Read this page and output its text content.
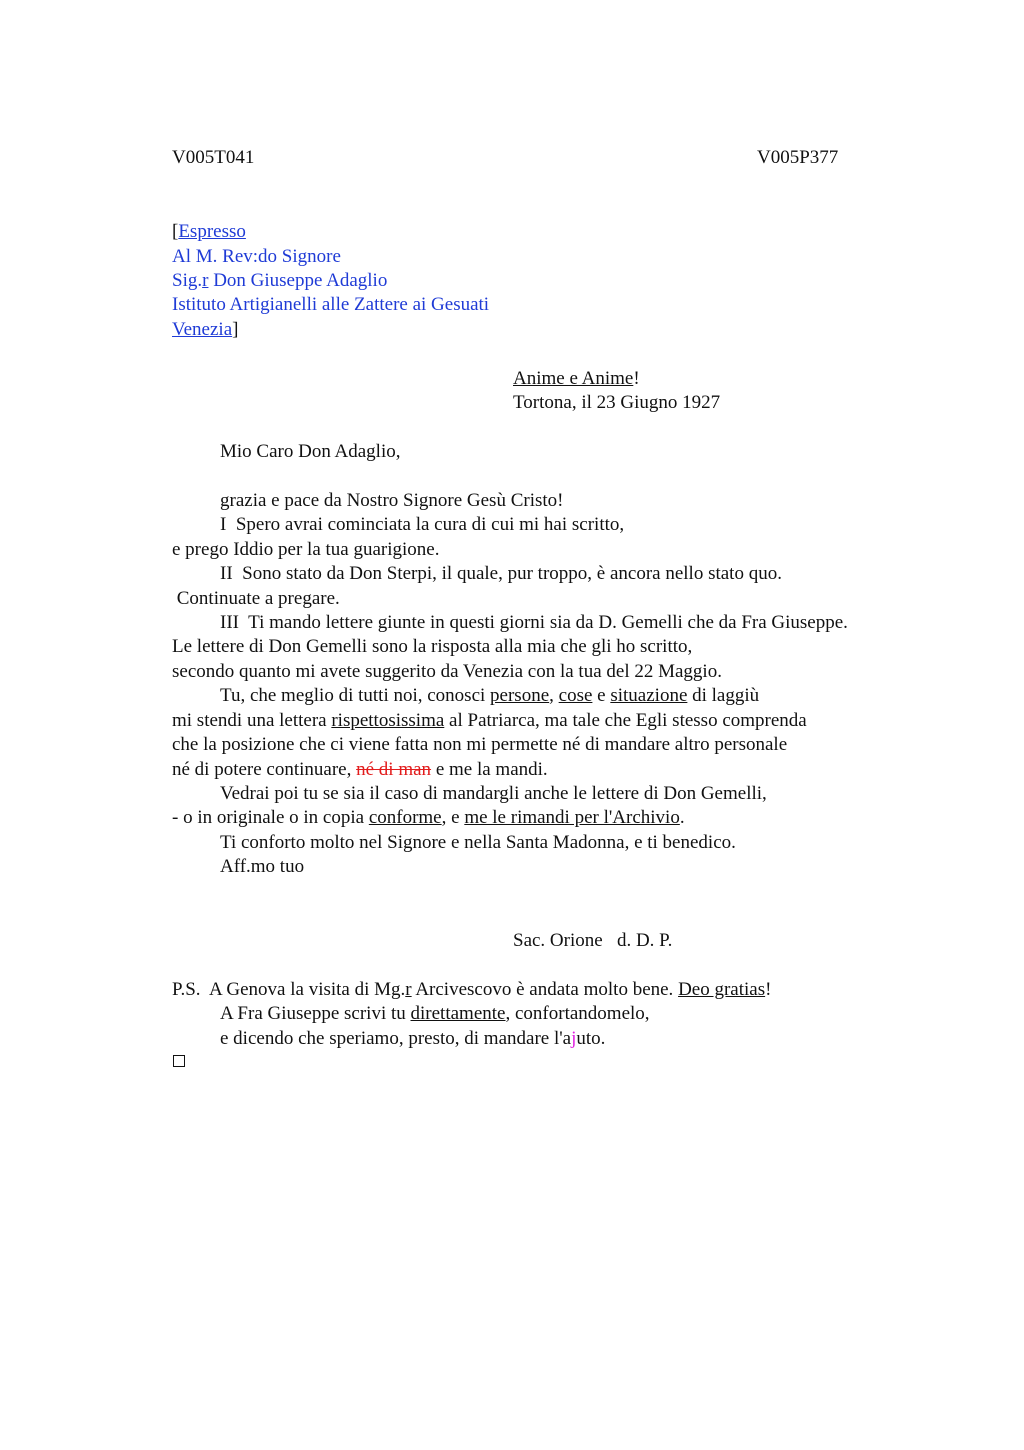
V005T041	V005P377
[Espresso
Al M. Rev:do Signore
Sig.r Don Giuseppe Adaglio
Istituto Artigianelli alle Zattere ai Gesuati
Venezia]
Anime e Anime!
Tortona, il 23 Giugno 1927
Mio Caro Don Adaglio,
grazia e pace da Nostro Signore Gesù Cristo!
I  Spero avrai cominciata la cura di cui mi hai scritto,
e prego Iddio per la tua guarigione.
II  Sono stato da Don Sterpi, il quale, pur troppo, è ancora nello stato quo.
Continuate a pregare.
III  Ti mando lettere giunte in questi giorni sia da D. Gemelli che da Fra Giuseppe.
Le lettere di Don Gemelli sono la risposta alla mia che gli ho scritto,
secondo quanto mi avete suggerito da Venezia con la tua del 22 Maggio.
Tu, che meglio di tutti noi, conosci persone, cose e situazione di laggiù
mi stendi una lettera rispettosissima al Patriarca, ma tale che Egli stesso comprenda
che la posizione che ci viene fatta non mi permette né di mandare altro personale
né di potere continuare, né di man e me la mandi.
Vedrai poi tu se sia il caso di mandargli anche le lettere di Don Gemelli,
- o in originale o in copia conforme, e me le rimandi per l'Archivio.
Ti conforto molto nel Signore e nella Santa Madonna, e ti benedico.
Aff.mo tuo
Sac. Orione   d. D. P.
P.S.  A Genova la visita di Mg.r Arcivescovo è andata molto bene. Deo gratias!
A Fra Giuseppe scrivi tu direttamente, confortandomelo,
e dicendo che speriamo, presto, di mandare l'ajuto.
